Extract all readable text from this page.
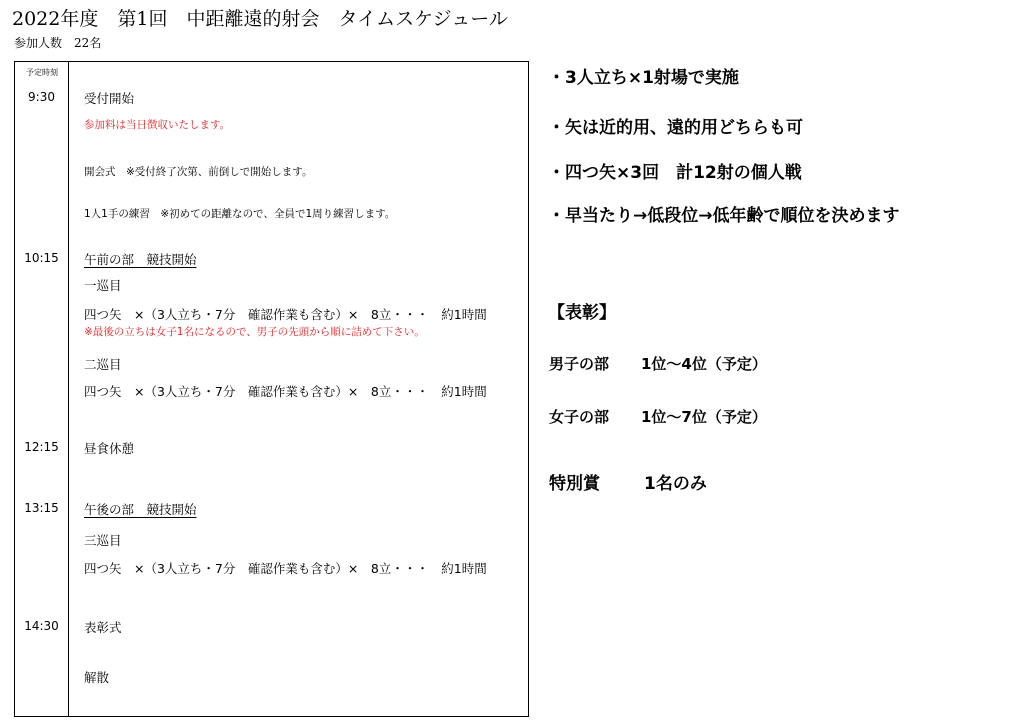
2022年度　第1回　中距離遠的射会　タイムスケジュール
参加人数　22名
予定時刻
9:30
10:15
12:15
13:15
14:30
受付開始
参加料は当日徴収いたします。
開会式　※受付終了次第、前倒しで開始します。
1人1手の練習　※初めての距離なので、全員で1周り練習します。
午前の部　競技開始
一巡目
四つ矢　×（3人立ち・7分　確認作業も含む）×　8立・・・　約1時間
※最後の立ちは女子1名になるので、男子の先頭から順に詰めて下さい。
二巡目
四つ矢　×（3人立ち・7分　確認作業も含む）×　8立・・・　約1時間
昼食休憩
午後の部　競技開始
三巡目
四つ矢　×（3人立ち・7分　確認作業も含む）×　8立・・・　約1時間
表彰式
解散
・3人立ち×1射場で実施
・矢は近的用、遠的用どちらも可
・四つ矢×3回　計12射の個人戦
・早当たり→低段位→低年齢で順位を決めます
【表彰】
男子の部 1位～4位（予定）
女子の部 1位～7位（予定）
特別賞	1名のみ
